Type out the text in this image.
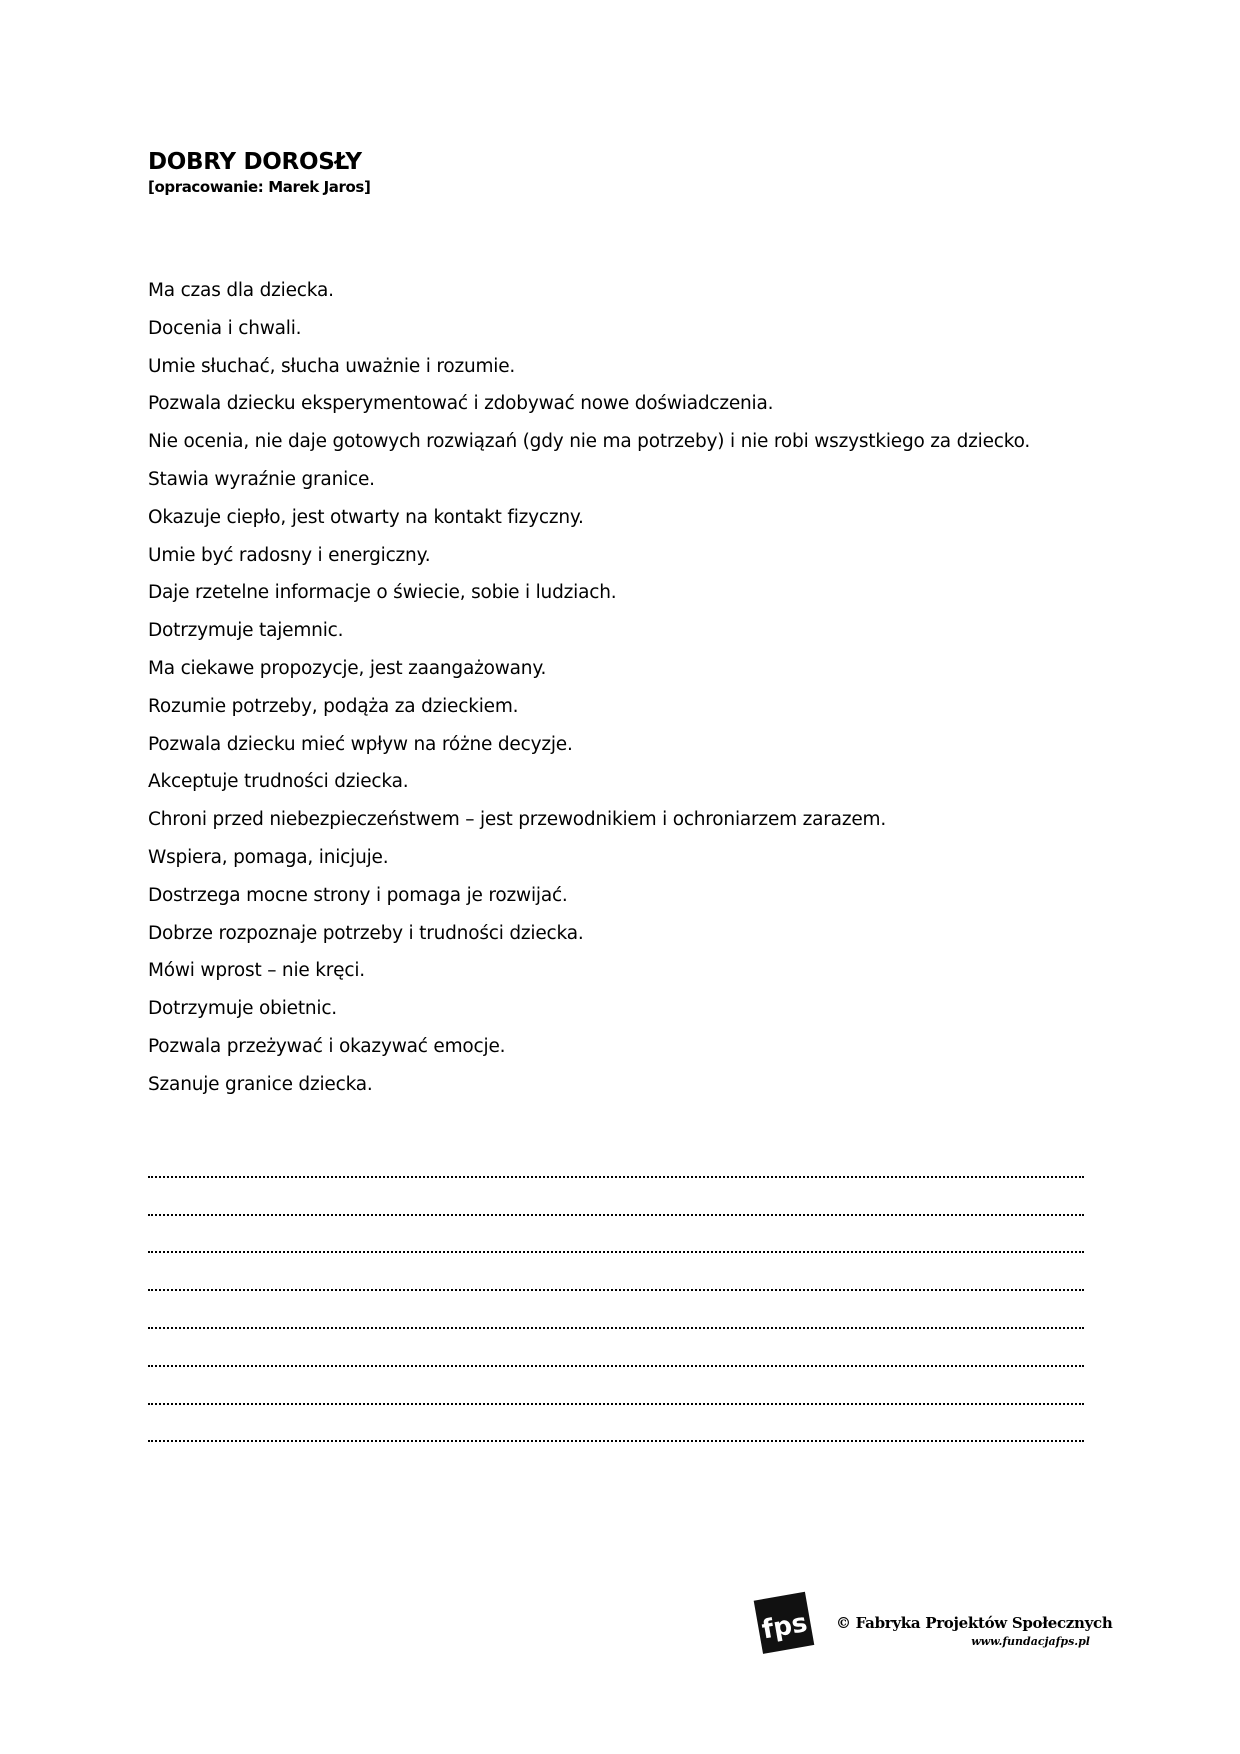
DOBRY DOROSŁY
[opracowanie: Marek Jaros]
Ma czas dla dziecka.
Docenia i chwali.
Umie słuchać, słucha uważnie i rozumie.
Pozwala dziecku eksperymentować i zdobywać nowe doświadczenia.
Nie ocenia, nie daje gotowych rozwiązań (gdy nie ma potrzeby) i nie robi wszystkiego za dziecko.
Stawia wyraźnie granice.
Okazuje ciepło, jest otwarty na kontakt fizyczny.
Umie być radosny i energiczny.
Daje rzetelne informacje o świecie, sobie i ludziach.
Dotrzymuje tajemnic.
Ma ciekawe propozycje, jest zaangażowany.
Rozumie potrzeby, podąża za dzieckiem.
Pozwala dziecku mieć wpływ na różne decyzje.
Akceptuje trudności dziecka.
Chroni przed niebezpieczeństwem – jest przewodnikiem i ochroniarzem zarazem.
Wspiera, pomaga, inicjuje.
Dostrzega mocne strony i pomaga je rozwijać.
Dobrze rozpoznaje potrzeby i trudności dziecka.
Mówi wprost – nie kręci.
Dotrzymuje obietnic.
Pozwala przeżywać i okazywać emocje.
Szanuje granice dziecka.
fps © Fabryka Projektów Społecznych
www.fundacjafps.pl
